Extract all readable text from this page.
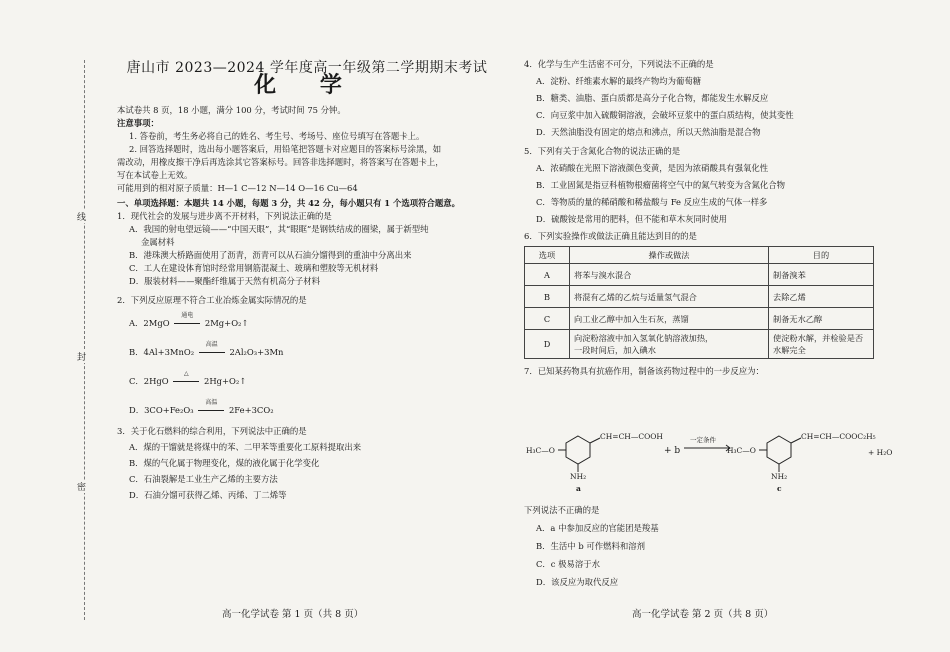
线
封
密
唐山市 2023—2024 学年度高一年级第二学期期末考试
化 学

本试卷共 8 页，18 小题，满分 100 分，考试时间 75 分钟。

注意事项：

1. 答卷前，考生务必将自己的姓名、考生号、考场号、座位号填写在答题卡上。

2. 回答选择题时，选出每小题答案后，用铅笔把答题卡对应题目的答案标号涂黑，如

需改动，用橡皮擦干净后再选涂其它答案标号。回答非选择题时，将答案写在答题卡上，

写在本试卷上无效。

可能用到的相对原子质量：H—1 C—12 N—14 O—16 Cu—64

一、单项选择题：本题共 14 小题，每题 3 分，共 42 分，每小题只有 1 个选项符合题意。

1．现代社会的发展与进步离不开材料，下列说法正确的是

A．我国的射电望远镜——“中国天眼”，其“眼眶”是钢铁结成的圈梁，属于新型纯

金属材料

B．港珠澳大桥路面使用了沥青，沥青可以从石油分馏得到的重油中分离出来

C．工人在建设体育馆时经常用钢筋混凝土、玻璃和塑胶等无机材料

D．服装材料——聚酯纤维属于天然有机高分子材料

2．下列反应原理不符合工业冶炼金属实际情况的是

A．2MgO
通电
2Mg+O₂↑

B．4Al+3MnO₂
高温
2Al₂O₃+3Mn

C．2HgO
△
2Hg+O₂↑

D．3CO+Fe₂O₃
高温
2Fe+3CO₂

3．关于化石燃料的综合利用，下列说法中正确的是

A．煤的干馏就是将煤中的苯、二甲苯等重要化工原料提取出来

B．煤的气化属于物理变化，煤的液化属于化学变化

C．石油裂解是工业生产乙烯的主要方法

D．石油分馏可获得乙烯、丙烯、丁二烯等

高一化学试卷 第 1 页（共 8 页）

4．化学与生产生活密不可分，下列说法不正确的是

A．淀粉、纤维素水解的最终产物均为葡萄糖

B．糖类、油脂、蛋白质都是高分子化合物，都能发生水解反应

C．向豆浆中加入硫酸铜溶液，会破坏豆浆中的蛋白质结构，使其变性

D．天然油脂没有固定的熔点和沸点，所以天然油脂是混合物

5．下列有关于含氮化合物的说法正确的是

A．浓硝酸在光照下溶液颜色变黄，是因为浓硝酸具有强氧化性

B．工业固氮是指豆科植物根瘤菌将空气中的氮气转变为含氮化合物

C．等物质的量的稀硝酸和稀盐酸与 Fe 反应生成的气体一样多

D．硫酸铵是常用的肥料，但不能和草木灰同时使用

6．下列实验操作或做法正确且能达到目的的是

选项	操作或做法	目的
A	将苯与溴水混合	制备溴苯
B	将混有乙烯的乙烷与适量氢气混合	去除乙烯
C	向工业乙醇中加入生石灰，蒸馏	制备无水乙醇
D	向淀粉溶液中加入氢氧化钠溶液加热，
一段时间后，加入碘水	使淀粉水解，并检验是否水解完全

7．已知某药物具有抗癌作用，制备该药物过程中的一步反应为：

CH=CH—COOH
H₃C—O
NH₂
a
+ b
一定条件	CH=CH—COOC₂H₅
H₃C—O
NH₂
c
+ H₂O

下列说法不正确的是

A．a 中参加反应的官能团是羧基

B．生活中 b 可作燃料和溶剂

C．c 极易溶于水

D．该反应为取代反应

高一化学试卷 第 2 页（共 8 页）
